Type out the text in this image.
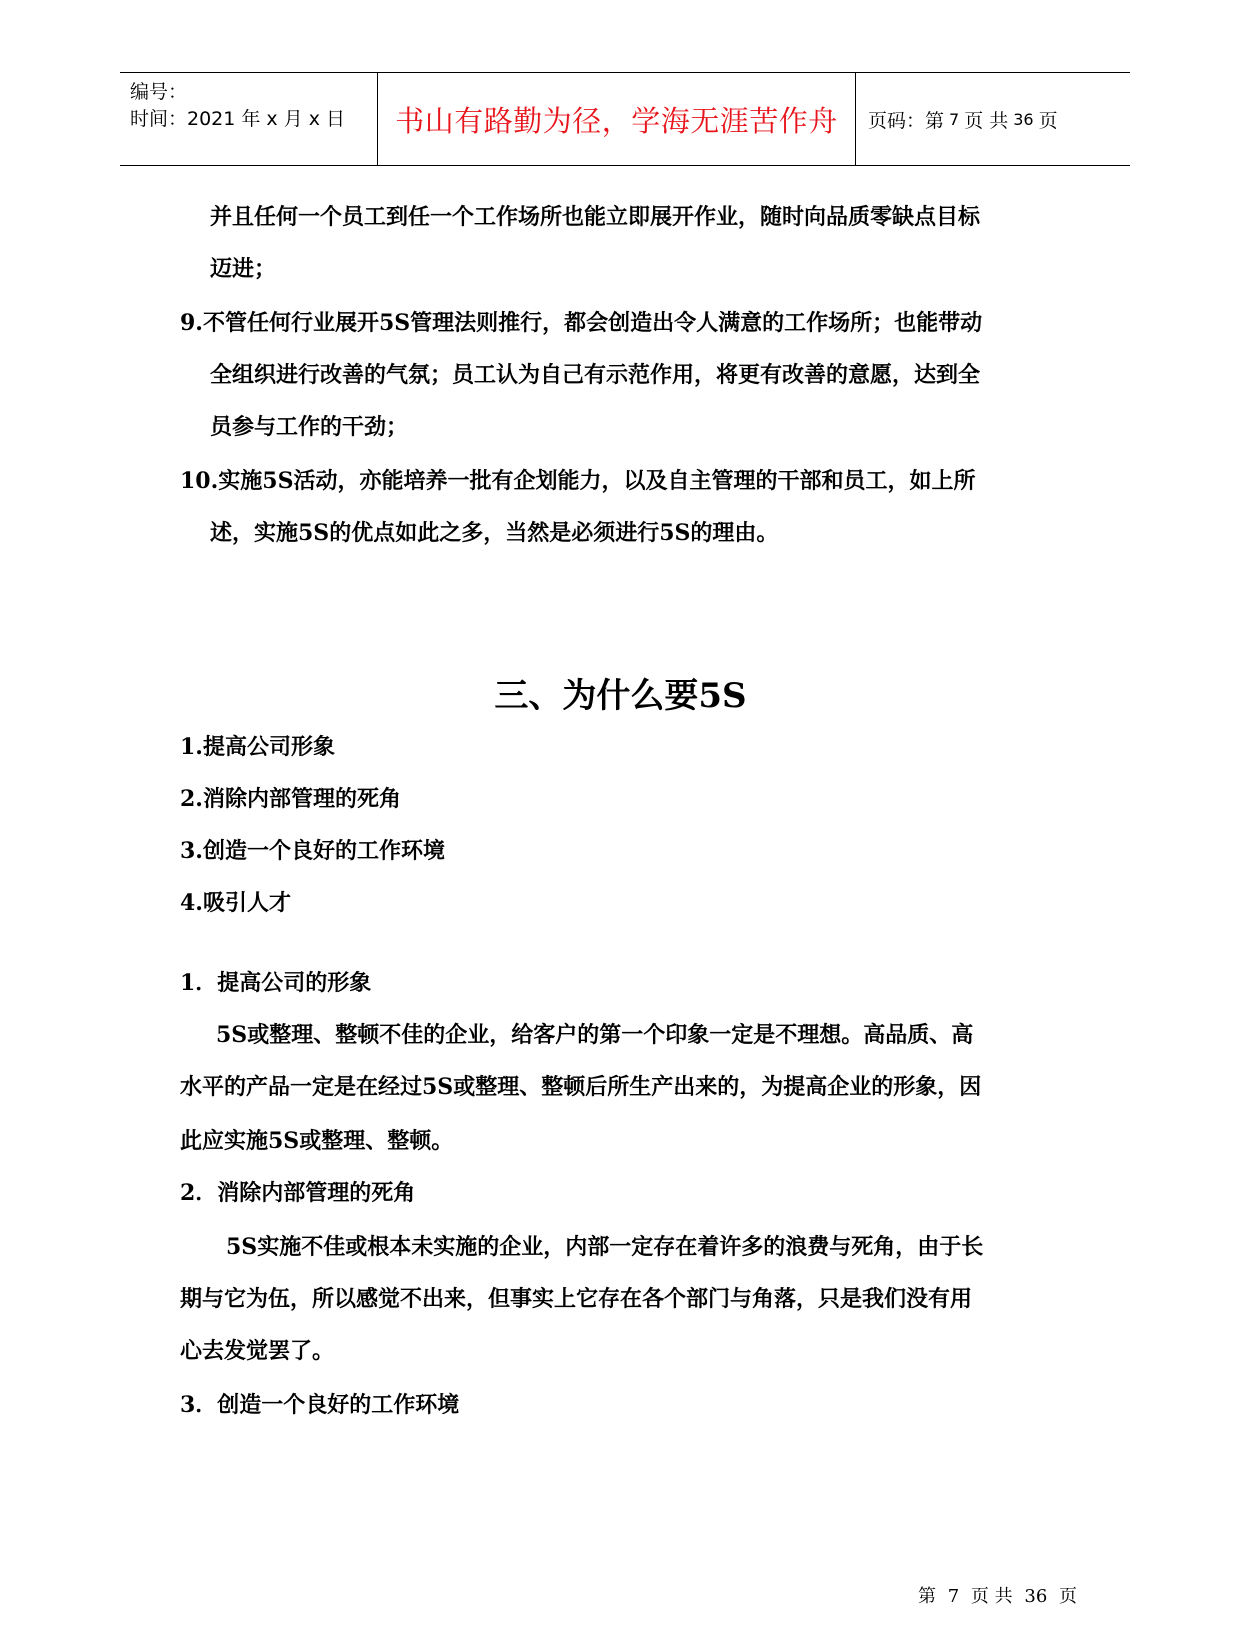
编号：
时间：2021 年 x 月 x 日	书山有路勤为径，学海无涯苦作舟	页码：第 7 页 共 36 页
并且任何一个员工到任一个工作场所也能立即展开作业，随时向品质零缺点目标
迈进；
9.不管任何行业展开5S管理法则推行，都会创造出令人满意的工作场所；也能带动
全组织进行改善的气氛；员工认为自己有示范作用，将更有改善的意愿，达到全
员参与工作的干劲；
10.实施5S活动，亦能培养一批有企划能力，以及自主管理的干部和员工，如上所
述，实施5S的优点如此之多，当然是必须进行5S的理由。
三、为什么要5S
1.提高公司形象
2.消除内部管理的死角
3.创造一个良好的工作环境
4.吸引人才
1．提高公司的形象
5S或整理、整顿不佳的企业，给客户的第一个印象一定是不理想。高品质、高
水平的产品一定是在经过5S或整理、整顿后所生产出来的，为提高企业的形象，因
此应实施5S或整理、整顿。
2．消除内部管理的死角
5S实施不佳或根本未实施的企业，内部一定存在着许多的浪费与死角，由于长
期与它为伍，所以感觉不出来，但事实上它存在各个部门与角落，只是我们没有用
心去发觉罢了。
3．创造一个良好的工作环境
第 7 页 共 36 页
